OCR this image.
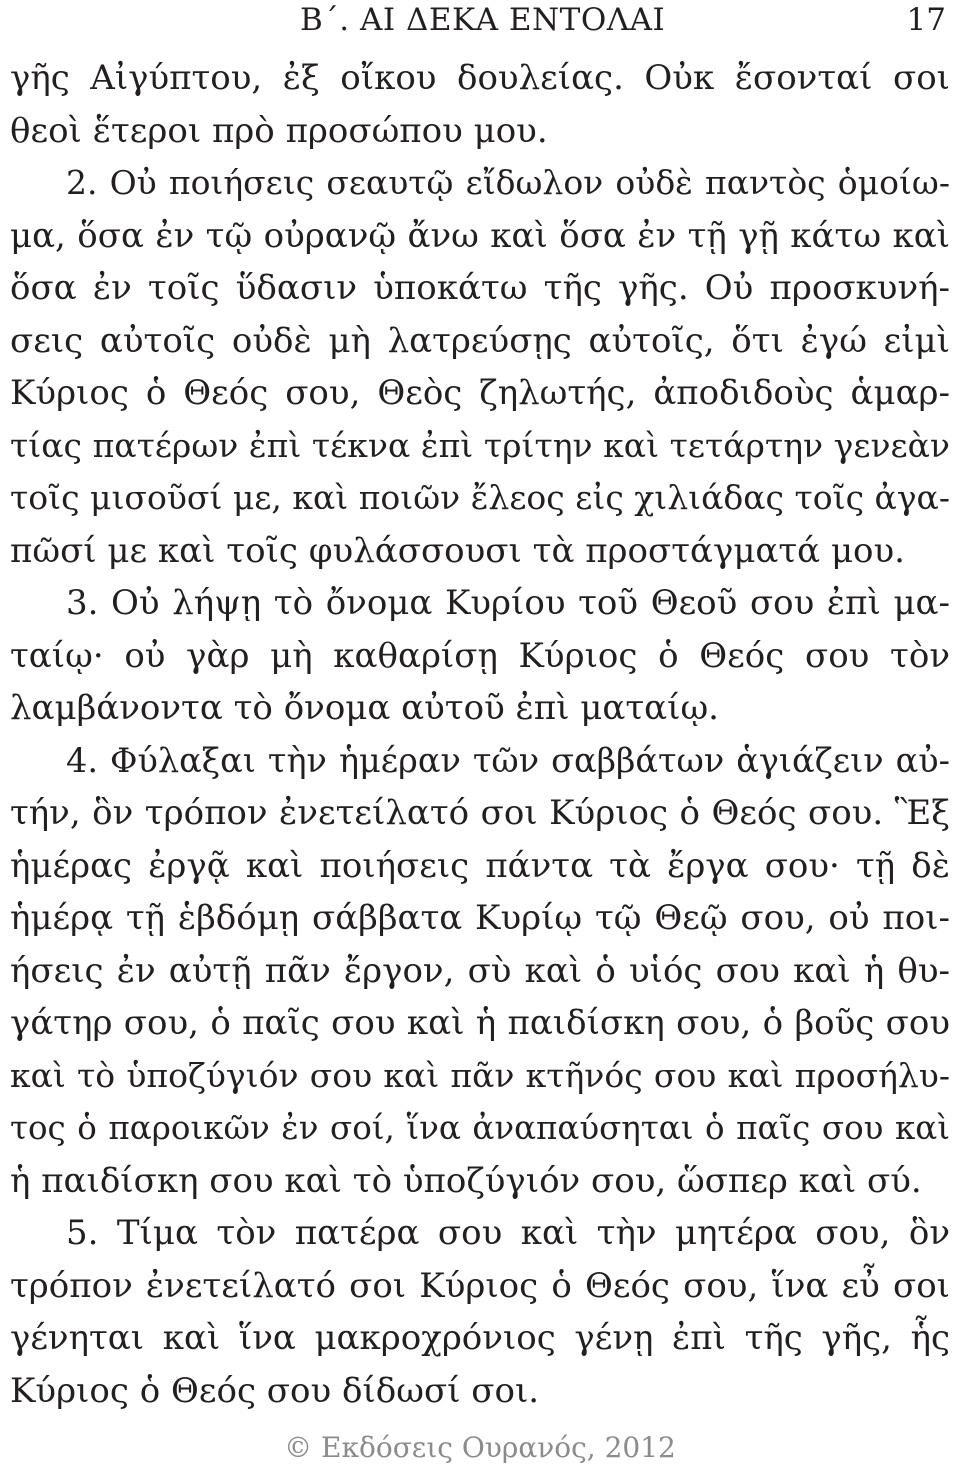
Β΄. ΑΙ ΔΕΚΑ ΕΝΤΟΛΑΙ	17
γῆς Αἰγύπτου, ἐξ οἴκου δουλείας. Οὐκ ἔσονταί σοι
θεοὶ ἕτεροι πρὸ προσώπου μου.
2. Οὐ ποιήσεις σεαυτῷ εἴδωλον οὐδὲ παντὸς ὁμοίω-
μα, ὅσα ἐν τῷ οὐρανῷ ἄνω καὶ ὅσα ἐν τῇ γῇ κάτω καὶ
ὅσα ἐν τοῖς ὕδασιν ὑποκάτω τῆς γῆς. Οὐ προσκυνή-
σεις αὐτοῖς οὐδὲ μὴ λατρεύσῃς αὐτοῖς, ὅτι ἐγώ εἰμὶ
Κύριος ὁ Θεός σου, Θεὸς ζηλωτής, ἀποδιδοὺς ἁμαρ-
τίας πατέρων ἐπὶ τέκνα ἐπὶ τρίτην καὶ τετάρτην γενεὰν
τοῖς μισοῦσί με, καὶ ποιῶν ἔλεος εἰς χιλιάδας τοῖς ἀγα-
πῶσί με καὶ τοῖς φυλάσσουσι τὰ προστάγματά μου.
3. Οὐ λήψῃ τὸ ὄνομα Κυρίου τοῦ Θεοῦ σου ἐπὶ μα-
ταίῳ· οὐ γὰρ μὴ καθαρίσῃ Κύριος ὁ Θεός σου τὸν
λαμβάνοντα τὸ ὄνομα αὐτοῦ ἐπὶ ματαίῳ.
4. Φύλαξαι τὴν ἡμέραν τῶν σαββάτων ἁγιάζειν αὐ-
τήν, ὃν τρόπον ἐνετείλατό σοι Κύριος ὁ Θεός σου. Ἓξ
ἡμέρας ἐργᾷ καὶ ποιήσεις πάντα τὰ ἔργα σου· τῇ δὲ
ἡμέρᾳ τῇ ἑβδόμῃ σάββατα Κυρίῳ τῷ Θεῷ σου, οὐ ποι-
ήσεις ἐν αὐτῇ πᾶν ἔργον, σὺ καὶ ὁ υἱός σου καὶ ἡ θυ-
γάτηρ σου, ὁ παῖς σου καὶ ἡ παιδίσκη σου, ὁ βοῦς σου
καὶ τὸ ὑποζύγιόν σου καὶ πᾶν κτῆνός σου καὶ προσήλυ-
τος ὁ παροικῶν ἐν σοί, ἵνα ἀναπαύσηται ὁ παῖς σου καὶ
ἡ παιδίσκη σου καὶ τὸ ὑποζύγιόν σου, ὥσπερ καὶ σύ.
5. Τίμα τὸν πατέρα σου καὶ τὴν μητέρα σου, ὃν
τρόπον ἐνετείλατό σοι Κύριος ὁ Θεός σου, ἵνα εὖ σοι
γένηται καὶ ἵνα μακροχρόνιος γένῃ ἐπὶ τῆς γῆς, ἧς
Κύριος ὁ Θεός σου δίδωσί σοι.
© Εκδόσεις Ουρανός, 2012
